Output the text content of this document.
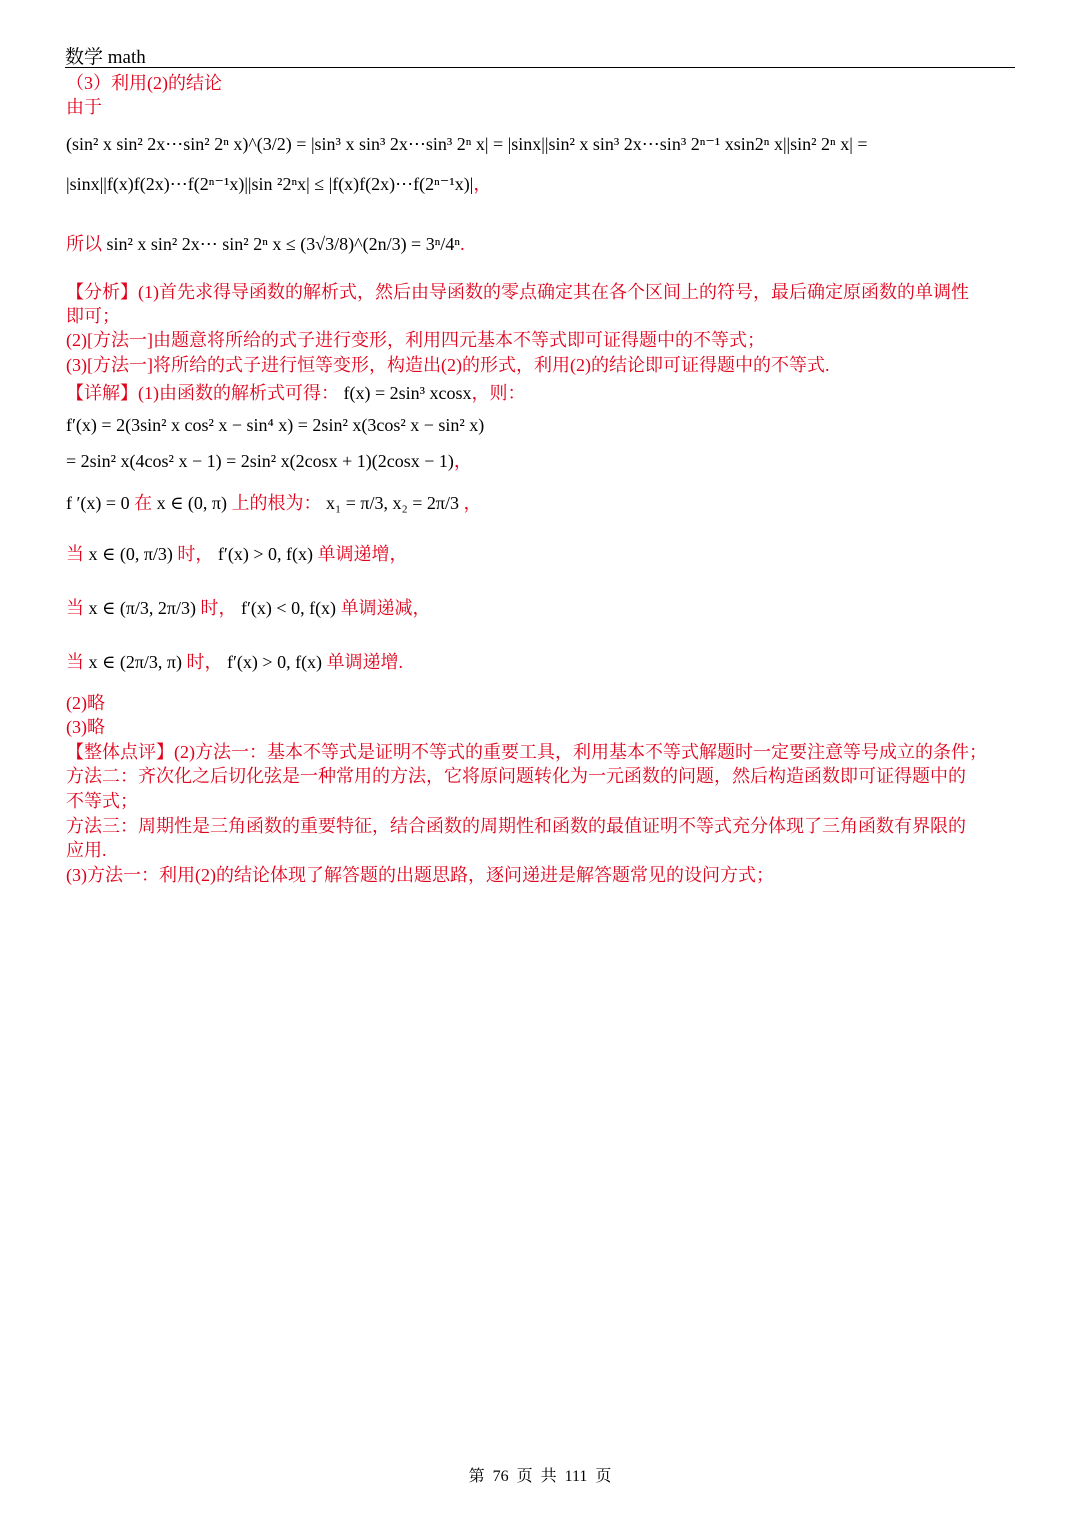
数学 math
（3）利用(2)的结论
由于
(sin² x sin² 2x⋯sin² 2ⁿ x)^(3/2) = |sin³ x sin³ 2x⋯sin³ 2ⁿ x| = |sinx||sin² x sin³ 2x⋯sin³ 2ⁿ⁻¹ xsin2ⁿ x||sin² 2ⁿ x| =
|sinx||f(x)f(2x)⋯f(2ⁿ⁻¹x)||sin ²2ⁿx| ≤ |f(x)f(2x)⋯f(2ⁿ⁻¹x)|，
所以 sin² x sin² 2x⋯ sin² 2ⁿ x ≤ (3√3/8)^(2n/3) = 3ⁿ/4ⁿ.
【分析】(1)首先求得导函数的解析式，然后由导函数的零点确定其在各个区间上的符号，最后确定原函数的单调性
即可；
(2)[方法一]由题意将所给的式子进行变形，利用四元基本不等式即可证得题中的不等式；
(3)[方法一]将所给的式子进行恒等变形，构造出(2)的形式，利用(2)的结论即可证得题中的不等式.
【详解】(1)由函数的解析式可得： f(x) = 2sin³ xcosx，则：
f′(x) = 2(3sin² x cos² x − sin⁴ x) = 2sin² x(3cos² x − sin² x)
= 2sin² x(4cos² x − 1) = 2sin² x(2cosx + 1)(2cosx − 1)，
f ′(x) = 0 在 x ∈ (0, π) 上的根为： x₁ = π/3, x₂ = 2π/3 ，
当 x ∈ (0, π/3) 时， f′(x) > 0, f(x) 单调递增，
当 x ∈ (π/3, 2π/3) 时， f′(x) < 0, f(x) 单调递减，
当 x ∈ (2π/3, π) 时， f′(x) > 0, f(x) 单调递增.
(2)略
(3)略
【整体点评】(2)方法一：基本不等式是证明不等式的重要工具，利用基本不等式解题时一定要注意等号成立的条件；
方法二：齐次化之后切化弦是一种常用的方法，它将原问题转化为一元函数的问题，然后构造函数即可证得题中的
不等式；
方法三：周期性是三角函数的重要特征，结合函数的周期性和函数的最值证明不等式充分体现了三角函数有界限的
应用.
(3)方法一：利用(2)的结论体现了解答题的出题思路，逐问递进是解答题常见的设问方式；
第 76 页 共 111 页
